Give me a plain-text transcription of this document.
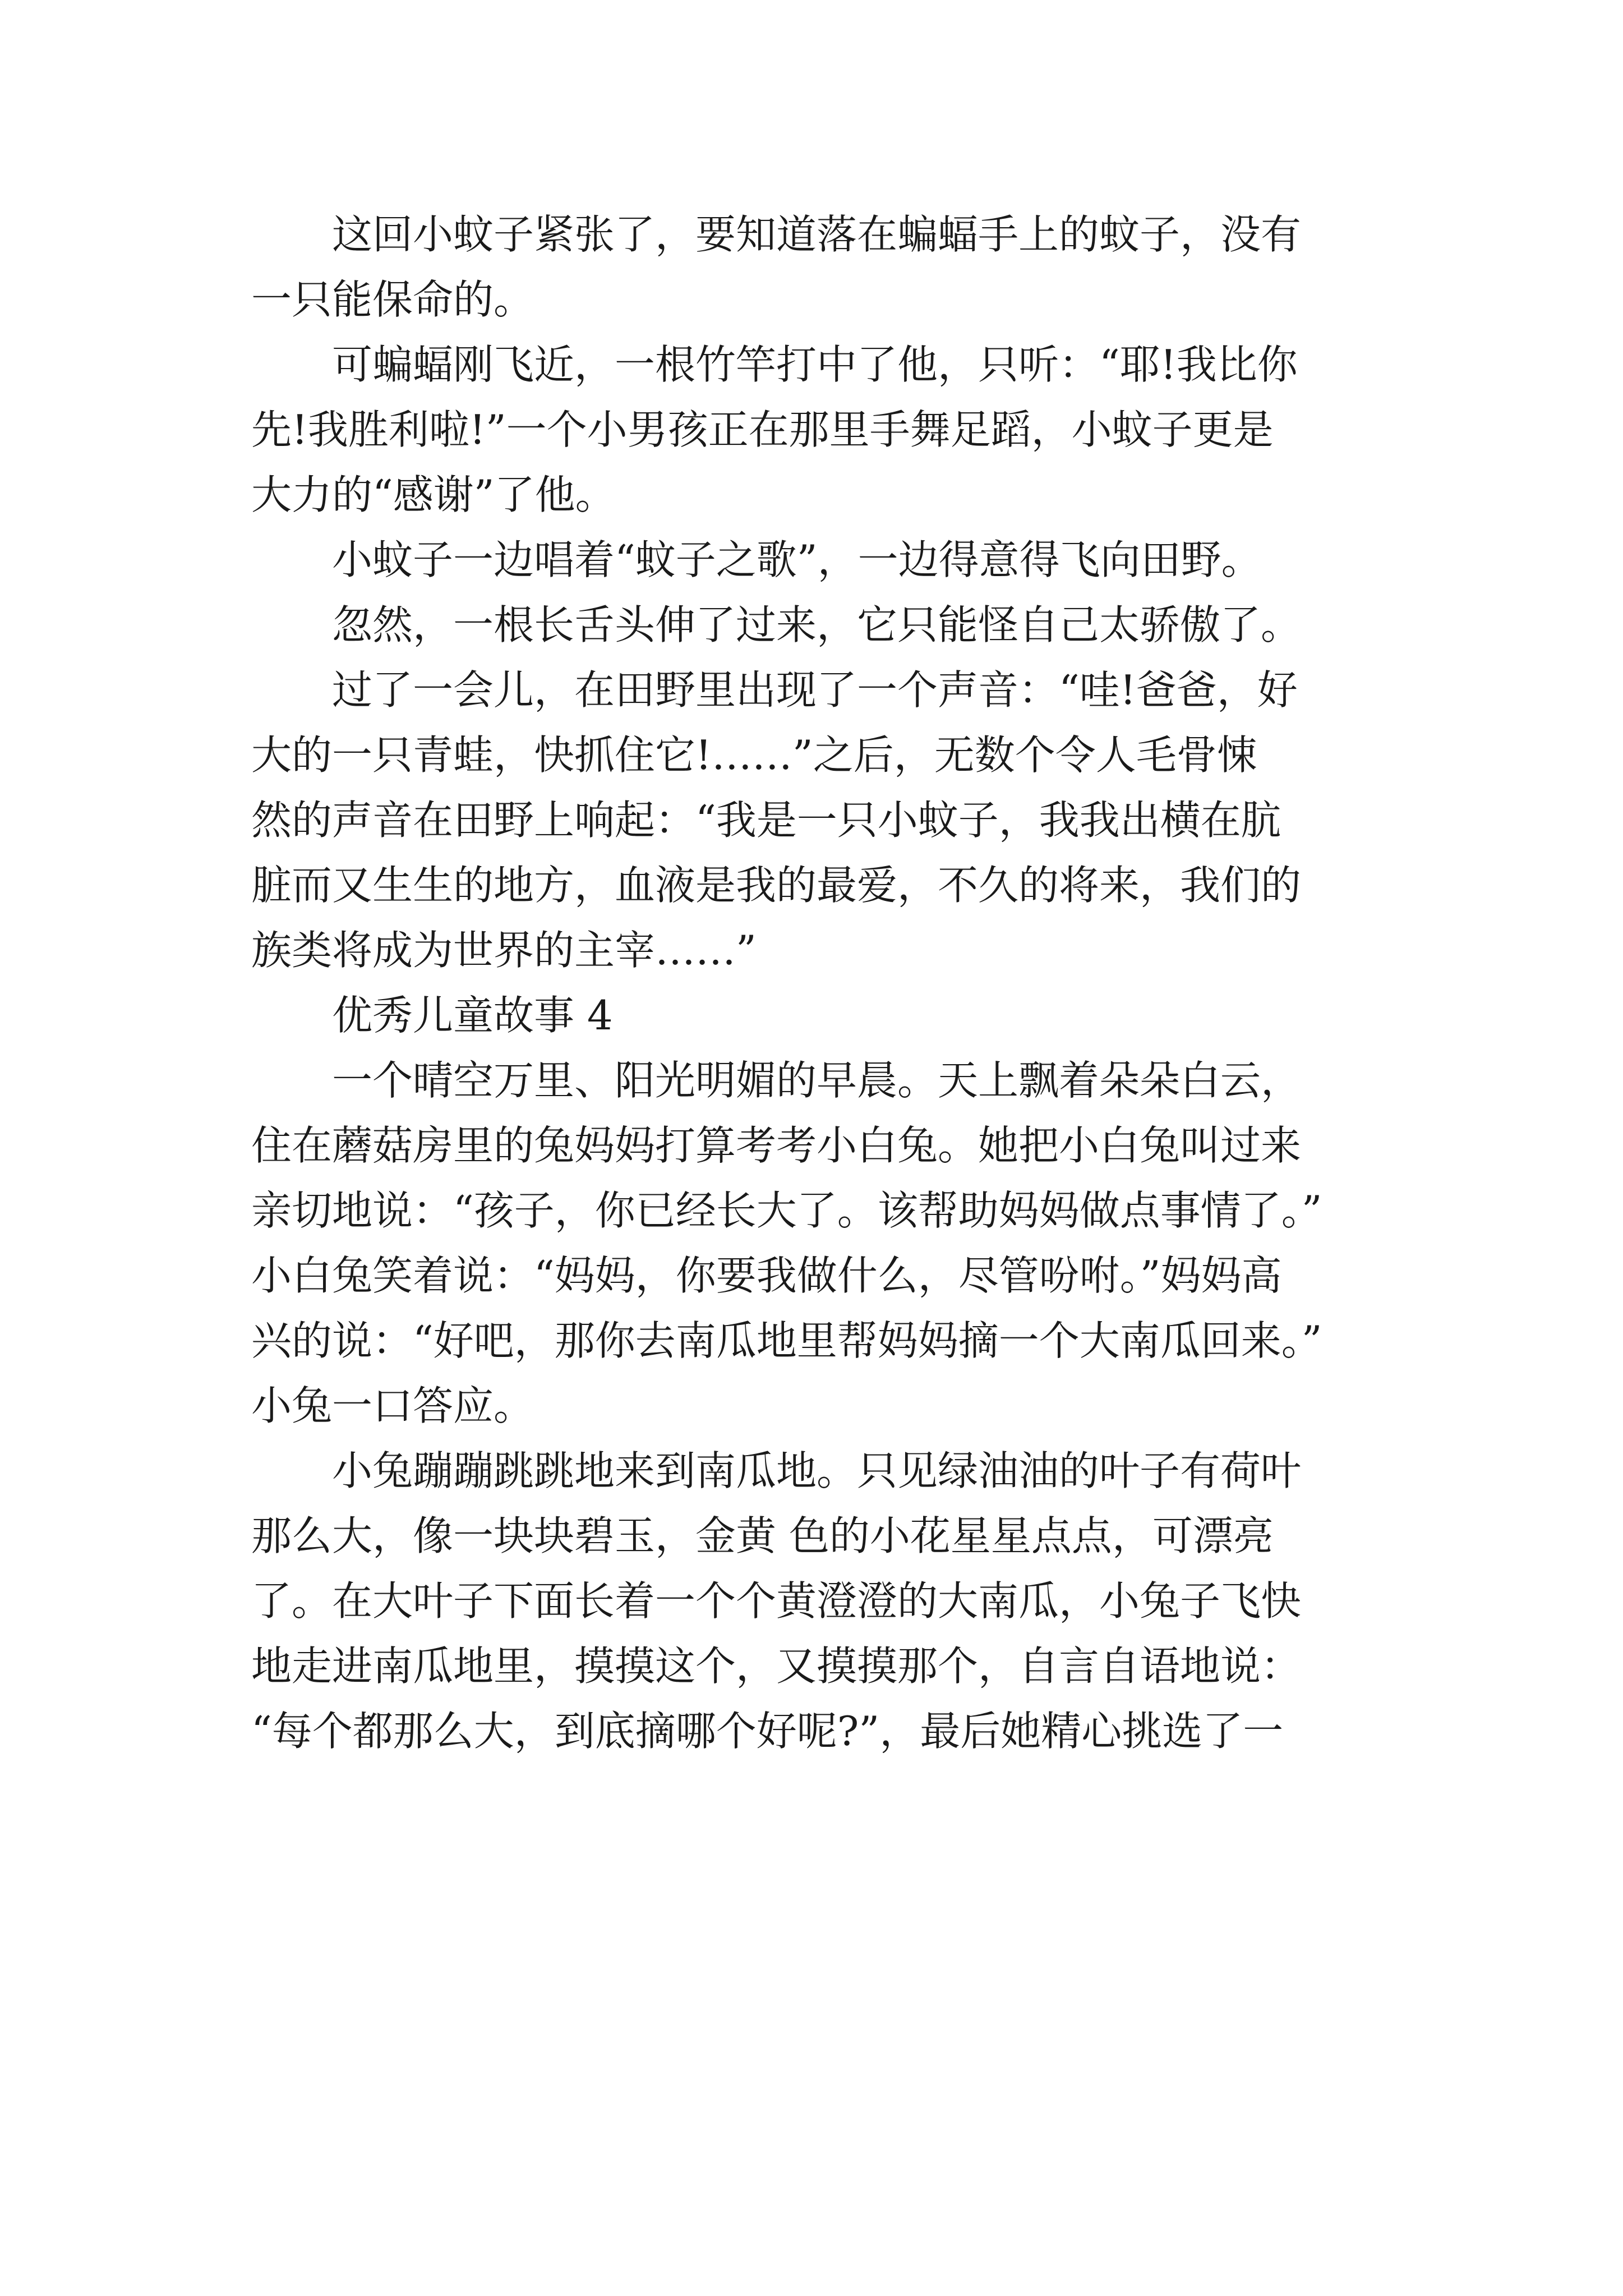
这回小蚊子紧张了，要知道落在蝙蝠手上的蚊子，没有
一只能保命的。
可蝙蝠刚飞近，一根竹竿打中了他，只听：“耶!我比你
先!我胜利啦!”一个小男孩正在那里手舞足蹈，小蚊子更是
大力的“感谢”了他。
小蚊子一边唱着“蚊子之歌”，一边得意得飞向田野。
忽然，一根长舌头伸了过来，它只能怪自己太骄傲了。
过了一会儿，在田野里出现了一个声音：“哇!爸爸，好
大的一只青蛙，快抓住它!……”之后，无数个令人毛骨悚
然的声音在田野上响起：“我是一只小蚊子，我我出横在肮
脏而又生生的地方，血液是我的最爱，不久的将来，我们的
族类将成为世界的主宰……”
优秀儿童故事 4
一个晴空万里、阳光明媚的早晨。天上飘着朵朵白云，
住在蘑菇房里的兔妈妈打算考考小白兔。她把小白兔叫过来
亲切地说：“孩子，你已经长大了。该帮助妈妈做点事情了。”
小白兔笑着说：“妈妈，你要我做什么，尽管吩咐。”妈妈高
兴的说：“好吧，那你去南瓜地里帮妈妈摘一个大南瓜回来。”
小兔一口答应。
小兔蹦蹦跳跳地来到南瓜地。只见绿油油的叶子有荷叶
那么大，像一块块碧玉，金黄 色的小花星星点点，可漂亮
了。在大叶子下面长着一个个黄澄澄的大南瓜，小兔子飞快
地走进南瓜地里，摸摸这个，又摸摸那个，自言自语地说：
“每个都那么大，到底摘哪个好呢?”，最后她精心挑选了一
